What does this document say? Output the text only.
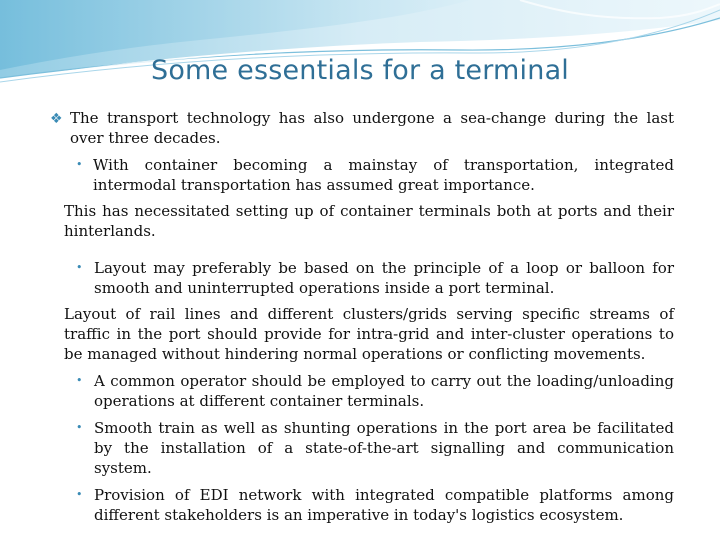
Some essentials for a terminal
❖ The transport technology has also undergone a sea-change during the last over three decades.
• With container becoming a mainstay of transportation, integrated intermodal transportation has assumed great importance.
This has necessitated setting up of container terminals both at ports and their hinterlands.
• Layout may preferably be based on the principle of a loop or balloon for smooth and uninterrupted operations inside a port terminal.
Layout of rail lines and different clusters/grids serving specific streams of traffic in the port should provide for intra-grid and inter-cluster operations to be managed without hindering normal operations or conflicting movements.
• A common operator should be employed to carry out the loading/unloading operations at different container terminals.
• Smooth train as well as shunting operations in the port area be facilitated by the installation of a state-of-the-art signalling and communication system.
• Provision of EDI network with integrated compatible platforms among different stakeholders is an imperative in today's logistics ecosystem.
